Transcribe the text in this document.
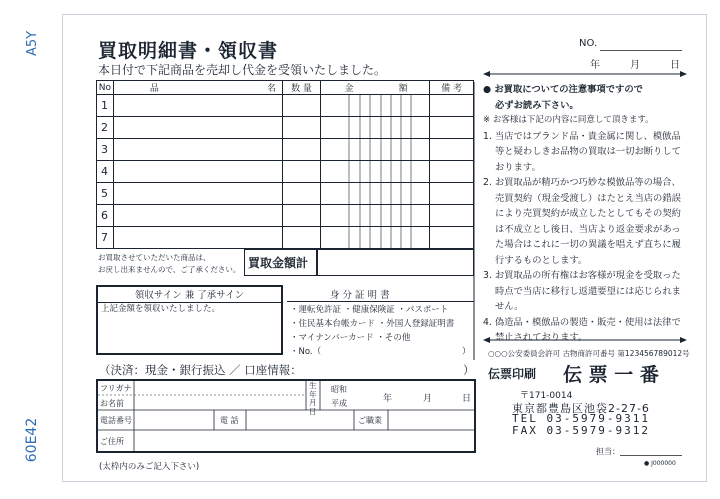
A5Y
60E42
買取明細書・領収書
本日付で下記商品を売却し代金を受領いたしました。
NO.
年	月	日
No	品	名	数 量	金	額	備 考
1						
2						
3						
4						
5						
6						
7						
お買取させていただいた商品は、
お戻し出来ませんので、ご了承ください。 買取金額計
領収サイン 兼 了承サイン
上記金額を領収いたしました。
身 分 証 明 書
・運転免許証 ・健康保険証 ・パスポート
・住民基本台帳カード ・外国人登録証明書
・マイナンバーカード ・その他
・No.（	）
（決済：現金・銀行振込 ／ 口座情報：	）
フリガナ
お名前
生年月日
昭和
平成	年	月	日
電話番号	電 話	ご職業
ご住所
(太枠内のみご記入下さい)

● お買取についての注意事項ですので

必ずお読み下さい。

※ お客様は下記の内容に同意して頂きます。

1. 当店ではブランド品・貴金属に関し、模倣品等と疑わしきお品物の買取は一切お断りしております。

2. お買取品が精巧かつ巧妙な模倣品等の場合、売買契約（現金受渡し）はたとえ当店の錯誤により売買契約が成立したとしてもその契約は不成立とし後日、当店より返金要求があった場合はこれに一切の異議を唱えず直ちに履行するものとします。

3. お買取品の所有権はお客様が現金を受取った時点で当店に移行し返還要望には応じられません。

4. 偽造品・模倣品の製造・販売・使用は法律で禁止されております。

○○○公安委員会許可 古物商許可番号 第123456789012号
伝票印刷 伝 票 一 番
〒171-0014
東京都豊島区池袋2-27-6
TEL 03-5979-9311
FAX 03-5979-9312
担当：
● J000000
